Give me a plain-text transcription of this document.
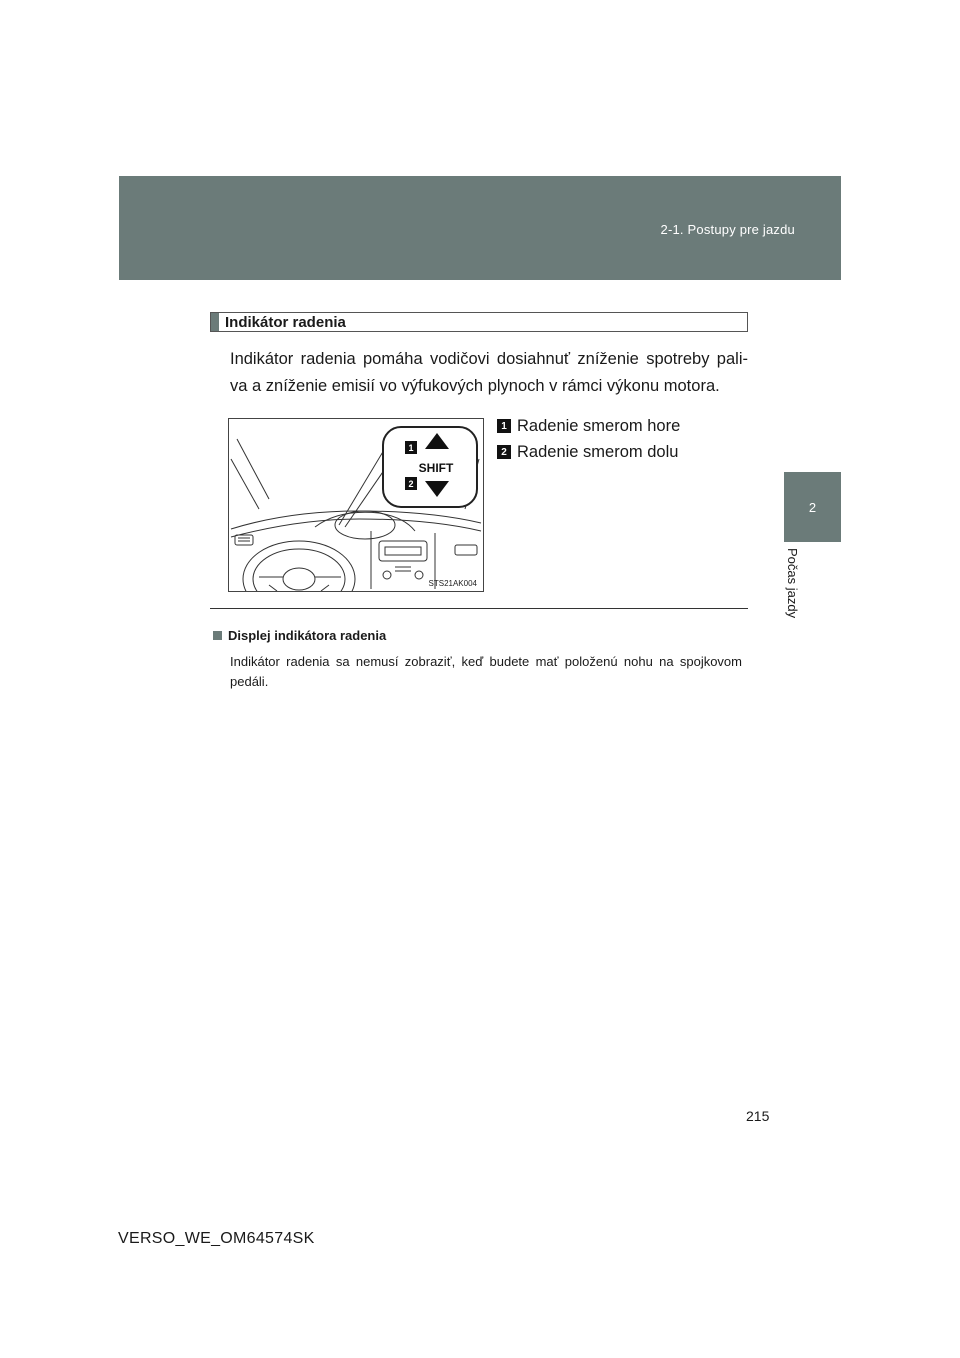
2-1. Postupy pre jazdu
2
Počas jazdy
Indikátor radenia
Indikátor radenia pomáha vodičovi dosiahnuť zníženie spotreby pali- va a zníženie emisií vo výfukových plynoch v rámci výkonu motora.
1
SHIFT
2
STS21AK004
1 Radenie smerom hore
2 Radenie smerom dolu
Displej indikátora radenia
Indikátor radenia sa nemusí zobraziť, keď budete mať položenú nohu na spojkovom pedáli.
215
VERSO_WE_OM64574SK
